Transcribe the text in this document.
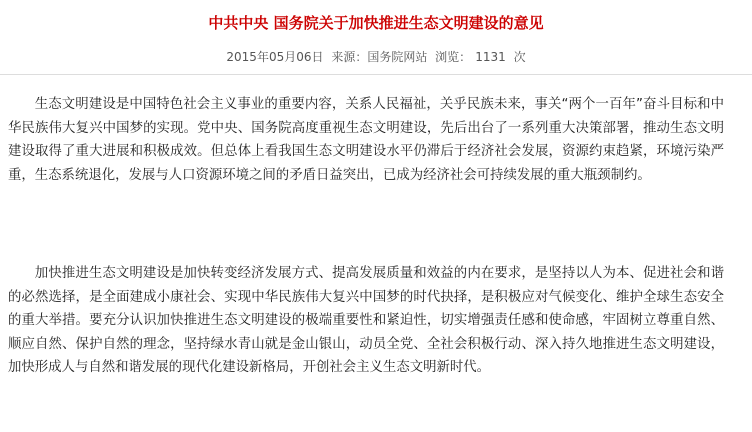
中共中央 国务院关于加快推进生态文明建设的意见
2015年05月06日 来源：国务院网站 浏览： 1131 次
生态文明建设是中国特色社会主义事业的重要内容，关系人民福祉，关乎民族未来，事关“两个一百年”奋斗目标和中华民族伟大复兴中国梦的实现。党中央、国务院高度重视生态文明建设，先后出台了一系列重大决策部署，推动生态文明建设取得了重大进展和积极成效。但总体上看我国生态文明建设水平仍滞后于经济社会发展，资源约束趋紧，环境污染严重，生态系统退化，发展与人口资源环境之间的矛盾日益突出，已成为经济社会可持续发展的重大瓶颈制约。
加快推进生态文明建设是加快转变经济发展方式、提高发展质量和效益的内在要求，是坚持以人为本、促进社会和谐的必然选择，是全面建成小康社会、实现中华民族伟大复兴中国梦的时代抉择，是积极应对气候变化、维护全球生态安全的重大举措。要充分认识加快推进生态文明建设的极端重要性和紧迫性，切实增强责任感和使命感，牢固树立尊重自然、顺应自然、保护自然的理念，坚持绿水青山就是金山银山，动员全党、全社会积极行动、深入持久地推进生态文明建设，加快形成人与自然和谐发展的现代化建设新格局，开创社会主义生态文明新时代。
